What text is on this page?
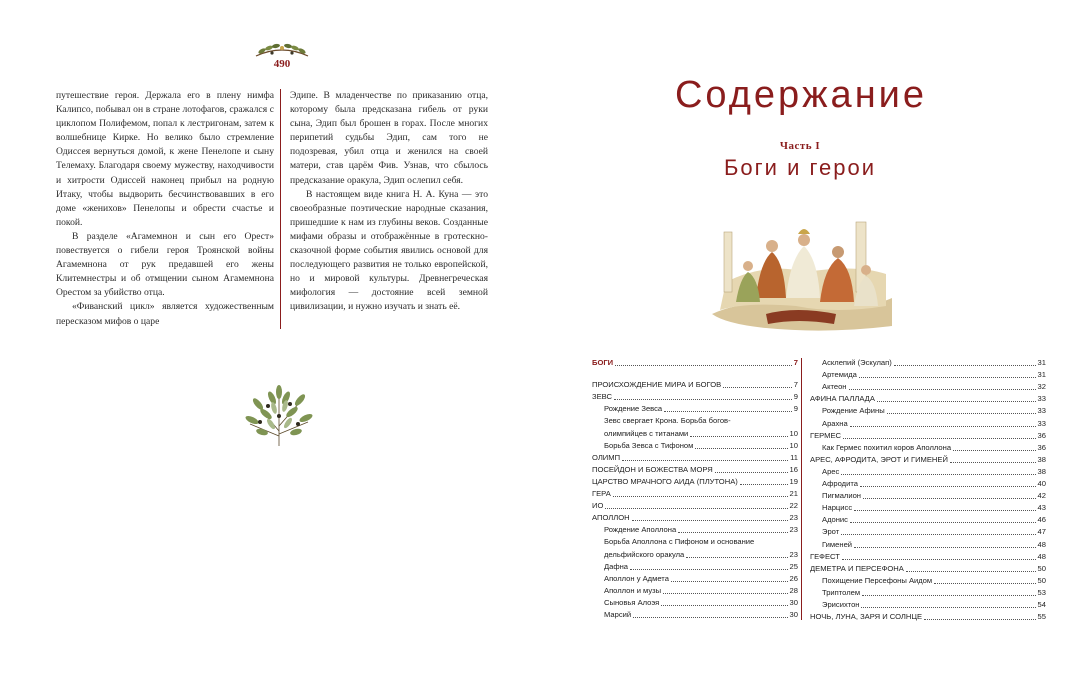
490

путешествие героя. Держала его в плену нимфа Калипсо, побывал он в стране лотофагов, сражался с циклопом Полифемом, попал к лестригонам, затем к волшебнице Кирке. Но велико было стремление Одиссея вернуться домой, к жене Пенелопе и сыну Телемаху. Благодаря своему мужеству, находчивости и хитрости Одиссей наконец прибыл на родную Итаку, чтобы выдворить бесчинствовавших в его доме «женихов» Пенелопы и обрести счастье и покой.

В разделе «Агамемнон и сын его Орест» повествуется о гибели героя Троянской войны Агамемнона от рук предавшей его жены Клитемнестры и об отмщении сыном Агамемнона Орестом за убийство отца.

«Фиванский цикл» является художественным пересказом мифов о царе

Эдипе. В младенчестве по приказанию отца, которому была предсказана гибель от руки сына, Эдип был брошен в горах. После многих перипетий судьбы Эдип, сам того не подозревая, убил отца и женился на своей матери, став царём Фив. Узнав, что сбылось предсказание оракула, Эдип ослепил себя.

В настоящем виде книга Н. А. Куна — это своеобразные поэтические народные сказания, пришедшие к нам из глубины веков. Созданные мифами образы и отображённые в гротескно-сказочной форме события явились основой для последующего развития не только европейской, но и мировой культуры. Древнегреческая мифология — достояние всей земной цивилизации, и нужно изучать и знать её.

Содержание
Часть I
Боги и герои
БОГИ	7
ПРОИСХОЖДЕНИЕ МИРА И БОГОВ	7
ЗЕВС	9
Рождение Зевса	9
Зевс свергает Крона. Борьба богов-
олимпийцев с титанами	10
Борьба Зевса с Тифоном	10
ОЛИМП	11
ПОСЕЙДОН И БОЖЕСТВА МОРЯ	16
ЦАРСТВО МРАЧНОГО АИДА (ПЛУТОНА)	19
ГЕРА	21
ИО	22
АПОЛЛОН	23
Рождение Аполлона	23
Борьба Аполлона с Пифоном и основание
дельфийского оракула	23
Дафна	25
Аполлон у Адмета	26
Аполлон и музы	28
Сыновья Алоэя	30
Марсий	30
Асклепий (Эскулап)	31
Артемида	31
Актеон	32
АФИНА ПАЛЛАДА	33
Рождение Афины	33
Арахна	33
ГЕРМЕС	36
Как Гермес похитил коров Аполлона	36
АРЕС, АФРОДИТА, ЭРОТ И ГИМЕНЕЙ	38
Арес	38
Афродита	40
Пигмалион	42
Нарцисс	43
Адонис	46
Эрот	47
Гименей	48
ГЕФЕСТ	48
ДЕМЕТРА И ПЕРСЕФОНА	50
Похищение Персефоны Аидом	50
Триптолем	53
Эрисихтон	54
НОЧЬ, ЛУНА, ЗАРЯ И СОЛНЦЕ	55
